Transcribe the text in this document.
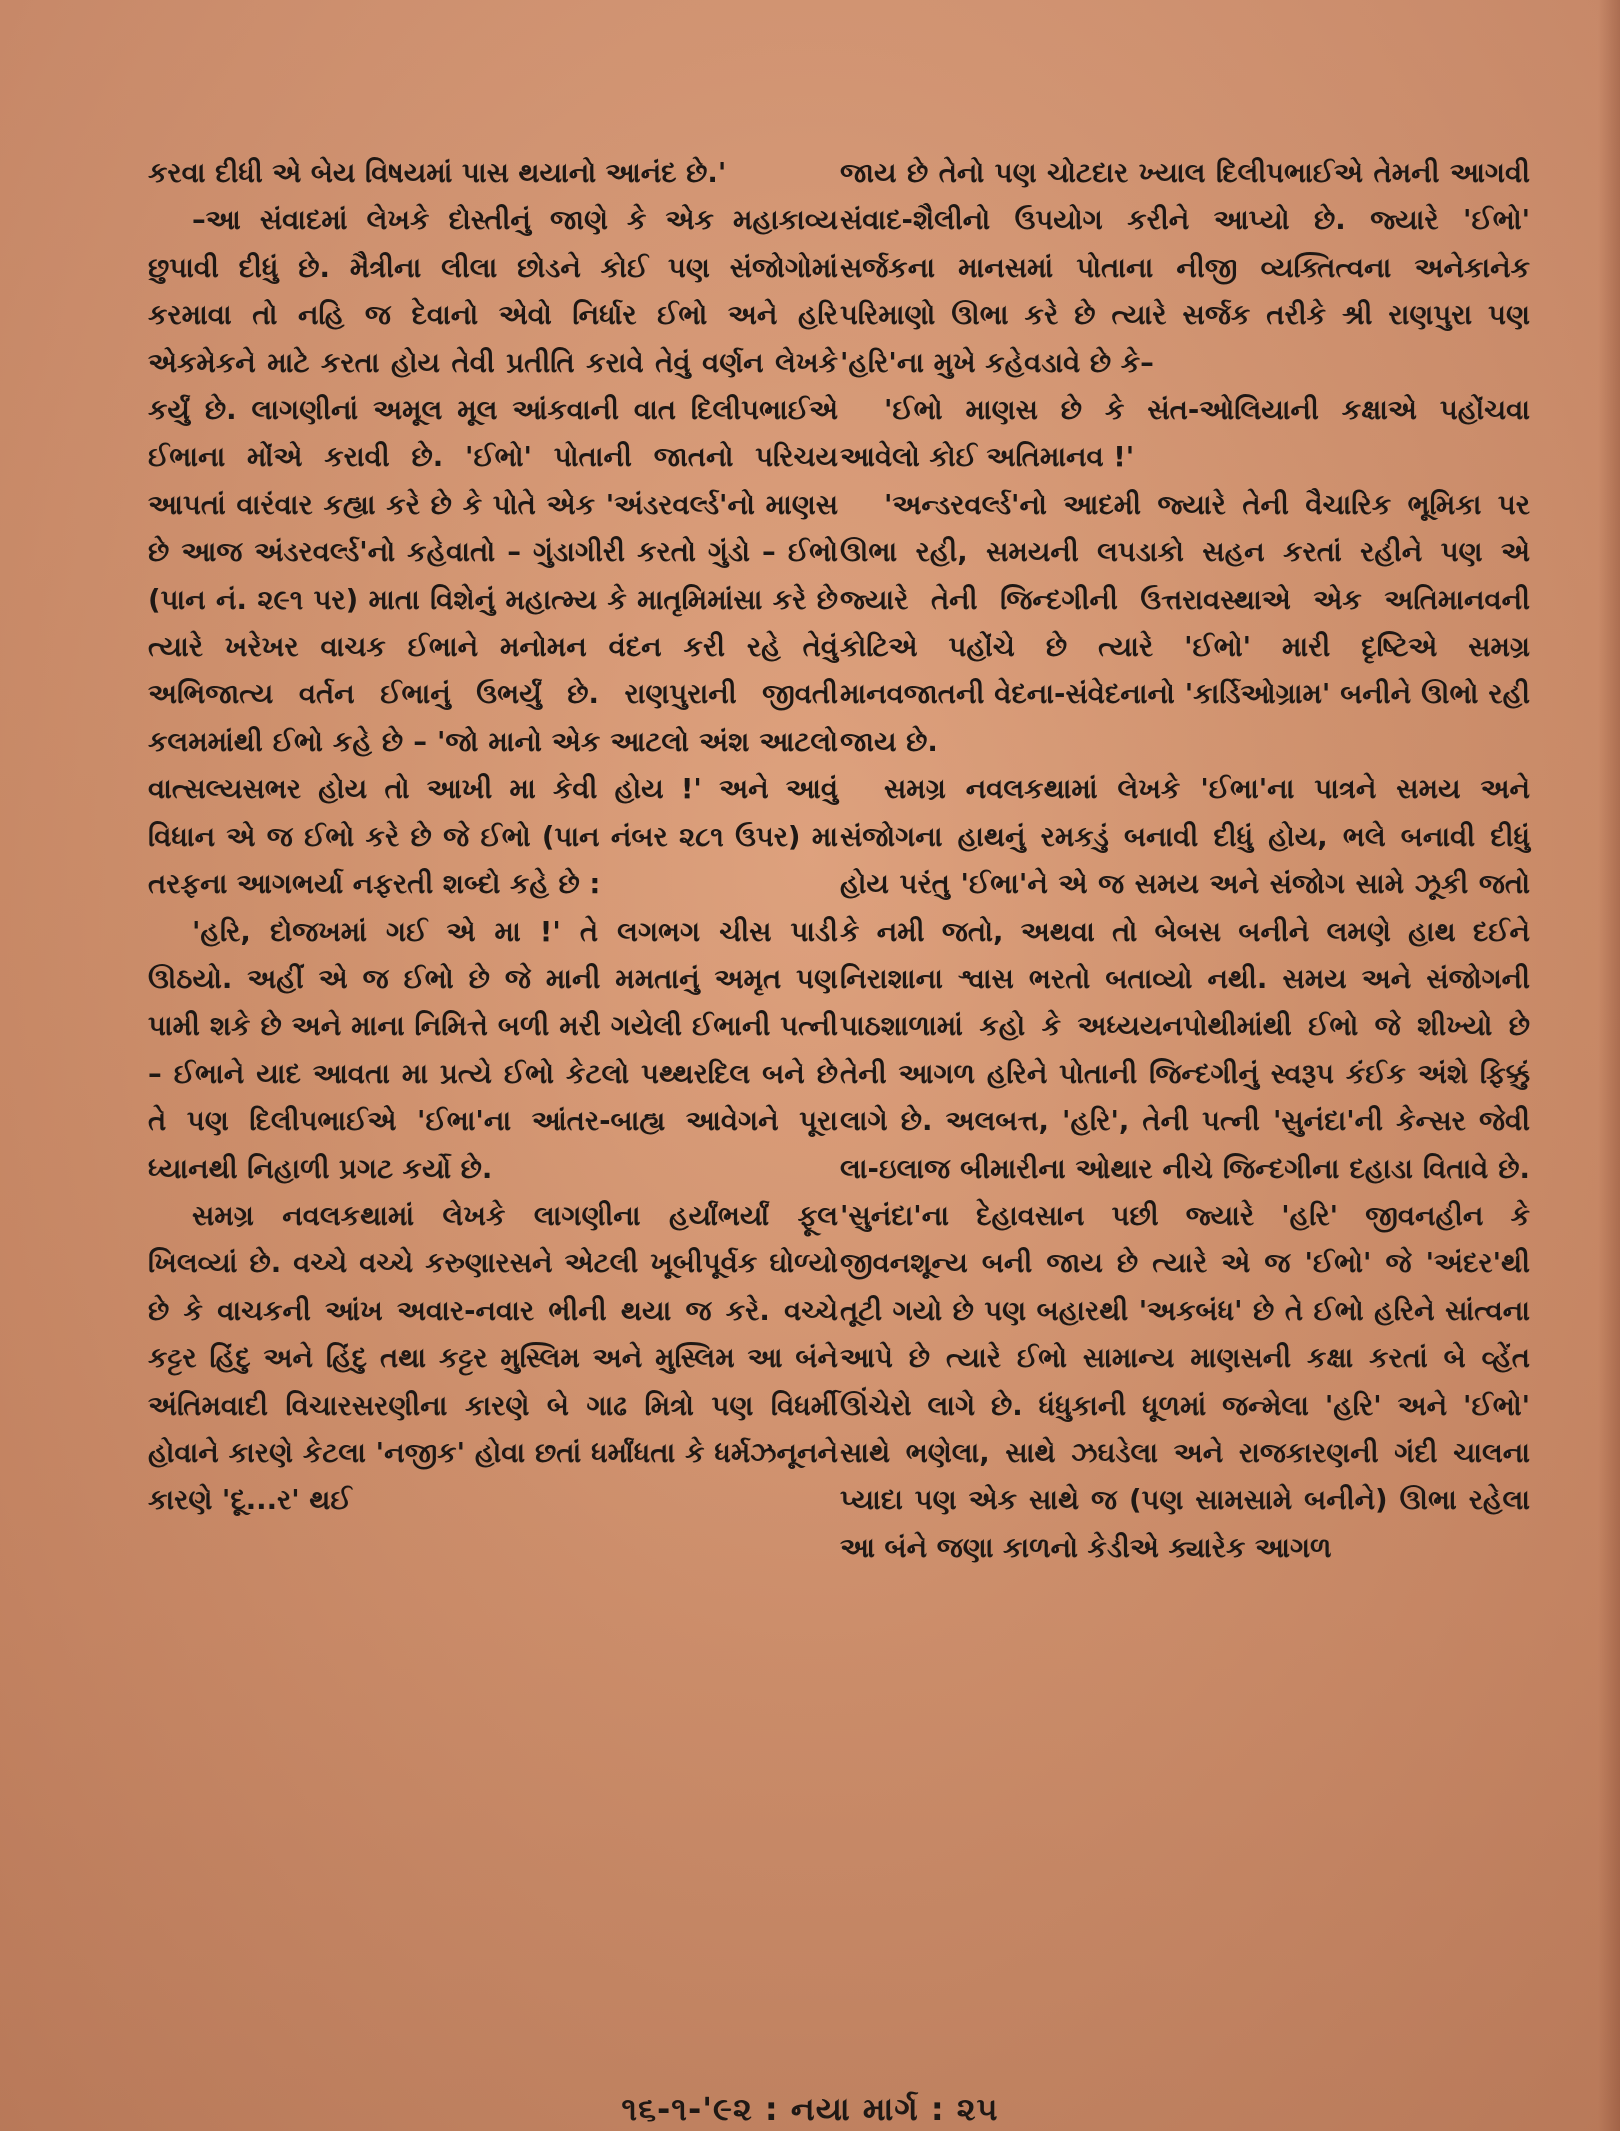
કરવા દીધી એ બેય વિષયમાં પાસ થયાનો આનંદ છે.'

–આ સંવાદમાં લેખકે દોસ્તીનું જાણે કે એક મહાકાવ્ય છુપાવી દીધું છે. મૈત્રીના લીલા છોડને કોઈ પણ સંજોગોમાં કરમાવા તો નહિ જ દેવાનો એવો નિર્ધાર ઈભો અને હરિ એકમેકને માટે કરતા હોય તેવી પ્રતીતિ કરાવે તેવું વર્ણન લેખકે કર્યું છે. લાગણીનાં અમૂલ મૂલ આંકવાની વાત દિલીપભાઈએ ઈભાના મોંએ કરાવી છે. 'ઈભો' પોતાની જાતનો પરિચય આપતાં વારંવાર કહ્યા કરે છે કે પોતે એક 'અંડરવર્લ્ડ'નો માણસ છે આજ અંડરવર્લ્ડ'નો કહેવાતો – ગુંડાગીરી કરતો ગુંડો – ઈભો (પાન નં. ૨૯૧ પર) માતા વિશેનું મહાત્મ્ય કે માતૃમિમાંસા કરે છે ત્યારે ખરેખર વાચક ઈભાને મનોમન વંદન કરી રહે તેવું અભિજાત્ય વર્તન ઈભાનું ઉભર્યું છે. રાણપુરાની જીવતી કલમમાંથી ઈભો કહે છે – 'જો માનો એક આટલો અંશ આટલો વાત્સલ્યસભર હોય તો આખી મા કેવી હોય !' અને આવું વિધાન એ જ ઈભો કરે છે જે ઈભો (પાન નંબર ૨૮૧ ઉપર) મા તરફના આગભર્યા નફરતી શબ્દો કહે છે :

'હરિ, દોજખમાં ગઈ એ મા !' તે લગભગ ચીસ પાડી ઊઠયો. અહીં એ જ ઈભો છે જે માની મમતાનું અમૃત પણ પામી શકે છે અને માના નિમિત્તે બળી મરી ગયેલી ઈભાની પત્ની – ઈભાને યાદ આવતા મા પ્રત્યે ઈભો કેટલો પથ્થરદિલ બને છે તે પણ દિલીપભાઈએ 'ઈભા'ના આંતર-બાહ્ય આવેગને પૂરા ધ્યાનથી નિહાળી પ્રગટ કર્યો છે.

સમગ્ર નવલકથામાં લેખકે લાગણીના હર્યાંભર્યાં ફૂલ ખિલવ્યાં છે. વચ્ચે વચ્ચે કરુણારસને એટલી ખૂબીપૂર્વક ઘોળ્યો છે કે વાચકની આંખ અવાર-નવાર ભીની થયા જ કરે. વચ્ચે કટ્ટર હિંદુ અને હિંદુ તથા કટ્ટર મુસ્લિમ અને મુસ્લિમ આ બંને અંતિમવાદી વિચારસરણીના કારણે બે ગાઢ મિત્રો પણ વિધર્મી હોવાને કારણે કેટલા 'નજીક' હોવા છતાં ધર્માંધતા કે ધર્મઝનૂનને કારણે 'દૂ...ર' થઈ

જાય છે તેનો પણ ચોટદાર ખ્યાલ દિલીપભાઈએ તેમની આગવી સંવાદ-શૈલીનો ઉપયોગ કરીને આપ્યો છે. જ્યારે 'ઈભો' સર્જકના માનસમાં પોતાના નીજી વ્યક્તિત્વના અનેકાનેક પરિમાણો ઊભા કરે છે ત્યારે સર્જક તરીકે શ્રી રાણપુરા પણ 'હરિ'ના મુખે કહેવડાવે છે કે–

'ઈભો માણસ છે કે સંત-ઓલિયાની કક્ષાએ પહોંચવા આવેલો કોઈ અતિમાનવ !'

'અન્ડરવર્લ્ડ'નો આદમી જ્યારે તેની વૈચારિક ભૂમિકા પર ઊભા રહી, સમયની લપડાકો સહન કરતાં રહીને પણ એ જ્યારે તેની જિન્દગીની ઉત્તરાવસ્થાએ એક અતિમાનવની કોટિએ પહોંચે છે ત્યારે 'ઈભો' મારી દૃષ્ટિએ સમગ્ર માનવજાતની વેદના-સંવેદનાનો 'કાર્ડિઓગ્રામ' બનીને ઊભો રહી જાય છે.

સમગ્ર નવલકથામાં લેખકે 'ઈભા'ના પાત્રને સમય અને સંજોગના હાથનું રમકડું બનાવી દીધું હોય, ભલે બનાવી દીધું હોય પરંતુ 'ઈભા'ને એ જ સમય અને સંજોગ સામે ઝૂકી જતો કે નમી જતો, અથવા તો બેબસ બનીને લમણે હાથ દઈને નિરાશાના શ્વાસ ભરતો બતાવ્યો નથી. સમય અને સંજોગની પાઠશાળામાં કહો કે અધ્યયનપોથીમાંથી ઈભો જે શીખ્યો છે તેની આગળ હરિને પોતાની જિન્દગીનું સ્વરૂપ કંઈક અંશે ફિક્કું લાગે છે. અલબત્ત, 'હરિ', તેની પત્ની 'સુનંદા'ની કેન્સર જેવી લા-ઇલાજ બીમારીના ઓથાર નીચે જિન્દગીના દહાડા વિતાવે છે. 'સુનંદા'ના દેહાવસાન પછી જ્યારે 'હરિ' જીવનહીન કે જીવનશૂન્ય બની જાય છે ત્યારે એ જ 'ઈભો' જે 'અંદર'થી તૂટી ગયો છે પણ બહારથી 'અકબંધ' છે તે ઈભો હરિને સાંત્વના આપે છે ત્યારે ઈભો સામાન્ય માણસની કક્ષા કરતાં બે વ્હેંત ઊંચેરો લાગે છે. ધંધુકાની ધૂળમાં જન્મેલા 'હરિ' અને 'ઈભો' સાથે ભણેલા, સાથે ઝઘડેલા અને રાજકારણની ગંદી ચાલના પ્યાદા પણ એક સાથે જ (પણ સામસામે બનીને) ઊભા રહેલા આ બંને જણા કાળનો કેડીએ ક્યારેક આગળ

૧૬-૧-'૯૨ : નયા માર્ગ : ૨૫
